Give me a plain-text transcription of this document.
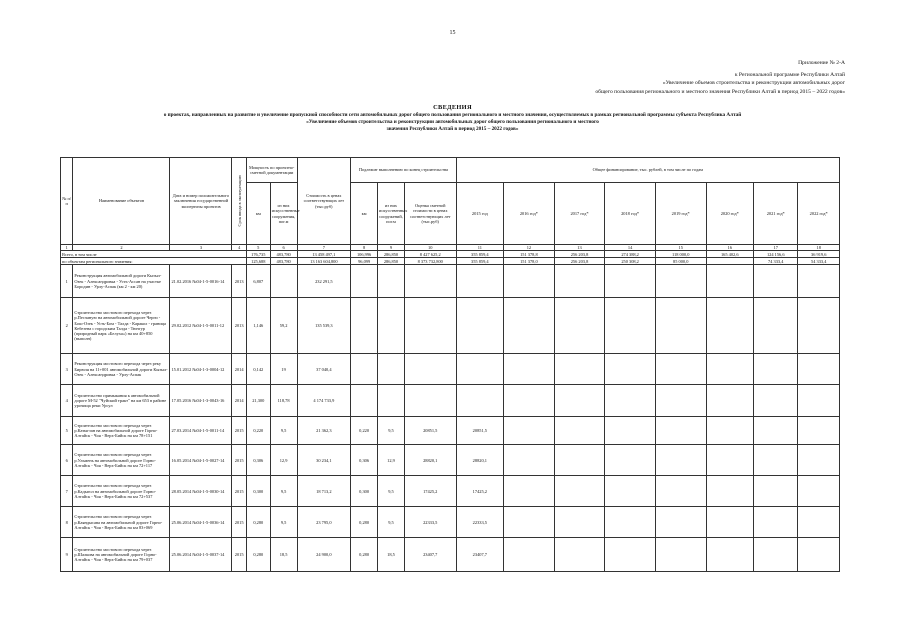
15
Приложение № 2-А
к Региональной программе Республики Алтай
«Увеличение объемов строительства и реконструкции автомобильных дорог
общего пользования регионального и местного значения Республики Алтай в период 2015 – 2022 годов»
СВЕДЕНИЯ
о проектах, направленных на развитие и увеличение пропускной способности сети автомобильных дорог общего пользования регионального и местного значения, осуществляемых в рамках региональной программы субъекта Республика Алтай
«Увеличение объемов строительства и реконструкции автомобильных дорог общего пользования регионального и местного
значения Республики Алтай в период 2015 – 2022 годов»
№ п/п	Наименование объектов	Дата и номер положительного заключения государственной экспертизы проектов	Срок ввода в эксплуатацию	Мощность по проектно-сметной документации		Стоимость в ценах соответствующих лет (тыс.руб)	Подлежит выполнению по конец строительства			Общее финансирование, тыс. рублей, в том числе по годам							
				км	из них искусственные сооружения, пог.м		км	из них искусственных сооружений, пог.м	Оценка сметной стоимости в ценах соответствующих лет (тыс.руб)	2015 год	2016 год*	2017 год*	2018 год*	2019 год*	2020 год*	2021 год*	2022 год*
1	2	3	4	5	6	7	8	9	10	11	12	13	14	15	16	17	18
Всего, в том числе				176,735	483,780	13 458 497,1	106,996	286,850	8 427 625,2	355 859,4	151 378,8	256 203,8	274 388,2	118 000,0	165 402,6	124 156,6	36 919,6
по объектам регионального значения:				125,688	483,780	13 163 604,800	96,099	286,850	8 373 732,800	355 859,4	151 378,0	256 203,8	250 308,2	85 000,0		74 333,4	54 333,4
1	Реконструкция автомобильной дороги Кызыл-Озек - Александровка - Усть-Ассан на участке Бородин - Урлу-Аспак (км 2 - км 20)	21.02.2016 №04-1-5-0016-14	2013	6,807		232 291,5											
2	Строительство мостового перехода через р.Песчаную на автомобильной дороге Черги - Бош-Озек - Усть-Бом - Талда - Каракол - граница Кебезена с городским Талда - Тюнгур (природный парк «Белуха») на км 40+850 (выполн)	29.02.2012 №04-1-5-0011-12	2013	1,146	59,2	135 539,3											
3	Реконструкция мостового перехода через реку Бирюля на 11+001 автомобильной дороги Кызыл-Озек - Александровка - Урлу-Аспак	15.01.2012 №04-1-3-0004-12	2014	0,142	19	37 040,4											
4	Строительство примыкания к автомобильной дороге М-52 "Чуйский тракт" на км 653 в районе урочища реки Урсул	17.05.2016 №04-1-3-0043-16	2014	21,300	118,78	4 174 733,9											
5	Строительство мостового перехода через р.Катыгзан на автомобильной дороге Горно-Алтайск - Чоя - Верх-Бийск на км 78+151	27.03.2014 №04-1-5-0011-14	2015	0,220	9,5	21 362,3	0,220	9,5	20851,5	20851,5							
6	Строительство мостового перехода через р.Ульмень на автомобильной дороге Горно-Алтайск - Чоя - Верх-Бийск на км 72+117	16.05.2014 №04-1-5-0027-14	2015	0,306	12,9	30 234,1	0,306	12,9	28820,1	28820,1							
7	Строительство мостового перехода через р.Кадыгол на автомобильной дороге Горно-Алтайск - Чоя - Верх-Бийск на км 72+537	28.05.2014 №04-1-5-0030-14	2015	0,300	9,5	18 713,2	0,300	9,5	17425,2	17425,2							
8	Строительство мостового перехода через р.Каяндысава на автомобильной дороге Горно-Алтайск - Чоя - Верх-Бийск на км 83+069	25.06.2014 №04-1-5-0036-14	2015	0,280	9,5	23 795,0	0,280	9,5	22333,5	22333,5							
9	Строительство мостового перехода через р.Шалкова на автомобильной дороге Горно-Алтайск - Чоя - Верх-Бийск на км 79+037	25.06.2014 №04-1-5-0037-14	2015	0,280	18,5	24 900,0	0,280	18,5	23407,7	23407,7							
